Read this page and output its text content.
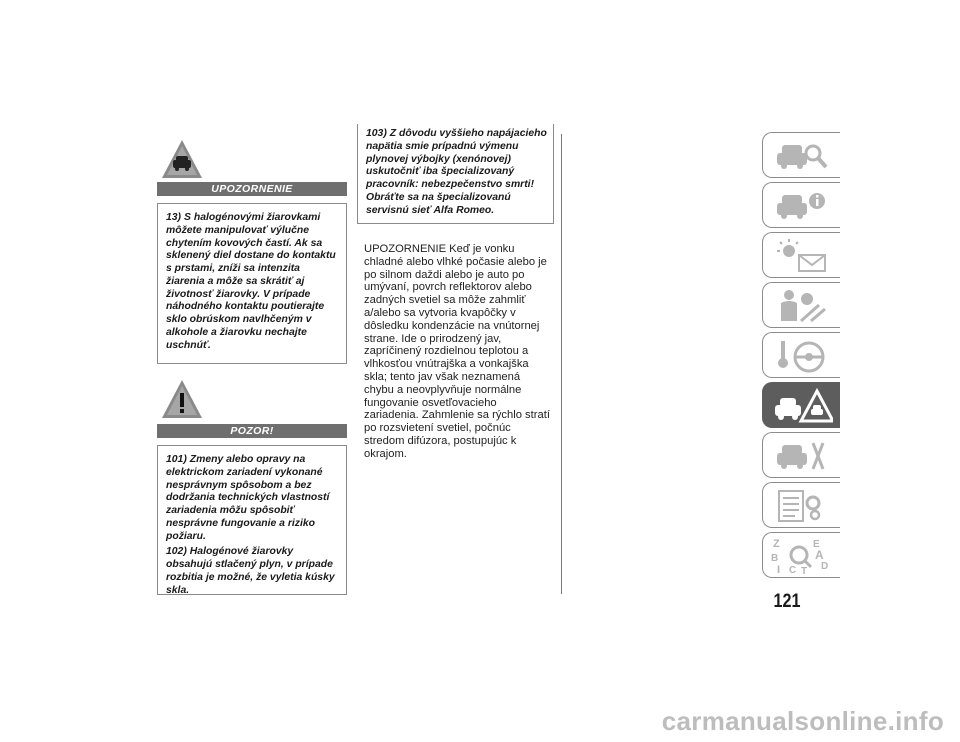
UPOZORNENIE
13) S halogénovými žiarovkami môžete manipulovať výlučne chytením kovových častí. Ak sa sklenený diel dostane do kontaktu s prstami, zníži sa intenzita žiarenia a môže sa skrátiť aj životnosť žiarovky. V prípade náhodného kontaktu poutierajte sklo obrúskom navlhčeným v alkohole a žiarovku nechajte uschnúť.
POZOR!
101) Zmeny alebo opravy na elektrickom zariadení vykonané nesprávnym spôsobom a bez dodržania technických vlastností zariadenia môžu spôsobiť nesprávne fungovanie a riziko požiaru.
102) Halogénové žiarovky obsahujú stlačený plyn, v prípade rozbitia je možné, že vyletia kúsky skla.
103) Z dôvodu vyššieho napájacieho napätia smie prípadnú výmenu plynovej výbojky (xenónovej) uskutočniť iba špecializovaný pracovník: nebezpečenstvo smrti! Obráťte sa na špecializovanú servisnú sieť Alfa Romeo.
UPOZORNENIE Keď je vonku chladné alebo vlhké počasie alebo je po silnom daždi alebo je auto po umývaní, povrch reflektorov alebo zadných svetiel sa môže zahmliť a/alebo sa vytvoria kvapôčky v dôsledku kondenzácie na vnútornej strane. Ide o prirodzený jav, zapríčinený rozdielnou teplotou a vlhkosťou vnútrajška a vonkajška skla; tento jav však neznamená chybu a neovplyvňuje normálne fungovanie osvetľovacieho zariadenia. Zahmlenie sa rýchlo stratí po rozsvietení svetiel, počnúc stredom difúzora, postupujúc k okrajom.
Z	E
B	A
D
I C T
121
carmanualsonline.info
